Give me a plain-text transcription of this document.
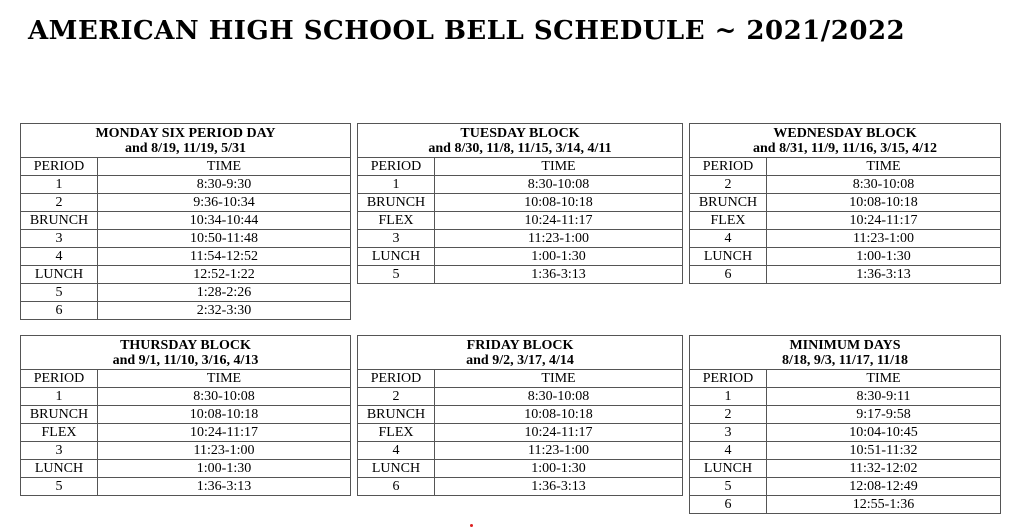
AMERICAN HIGH SCHOOL BELL SCHEDULE ~ 2021/2022
MONDAY SIX PERIOD DAY
and 8/19, 11/19, 5/31	

PERIOD	TIME
1	8:30-9:30
2	9:36-10:34
BRUNCH	10:34-10:44
3	10:50-11:48
4	11:54-12:52
LUNCH	12:52-1:22
5	1:28-2:26
6	2:32-3:30
TUESDAY BLOCK
and 8/30, 11/8, 11/15, 3/14, 4/11	

PERIOD	TIME
1	8:30-10:08
BRUNCH	10:08-10:18
FLEX	10:24-11:17
3	11:23-1:00
LUNCH	1:00-1:30
5	1:36-3:13
WEDNESDAY BLOCK
and 8/31, 11/9, 11/16, 3/15, 4/12	

PERIOD	TIME
2	8:30-10:08
BRUNCH	10:08-10:18
FLEX	10:24-11:17
4	11:23-1:00
LUNCH	1:00-1:30
6	1:36-3:13
THURSDAY BLOCK
and 9/1, 11/10, 3/16, 4/13	

PERIOD	TIME
1	8:30-10:08
BRUNCH	10:08-10:18
FLEX	10:24-11:17
3	11:23-1:00
LUNCH	1:00-1:30
5	1:36-3:13
FRIDAY BLOCK
and 9/2, 3/17, 4/14	

PERIOD	TIME
2	8:30-10:08
BRUNCH	10:08-10:18
FLEX	10:24-11:17
4	11:23-1:00
LUNCH	1:00-1:30
6	1:36-3:13
MINIMUM DAYS
8/18, 9/3, 11/17, 11/18	

PERIOD	TIME
1	8:30-9:11
2	9:17-9:58
3	10:04-10:45
4	10:51-11:32
LUNCH	11:32-12:02
5	12:08-12:49
6	12:55-1:36
